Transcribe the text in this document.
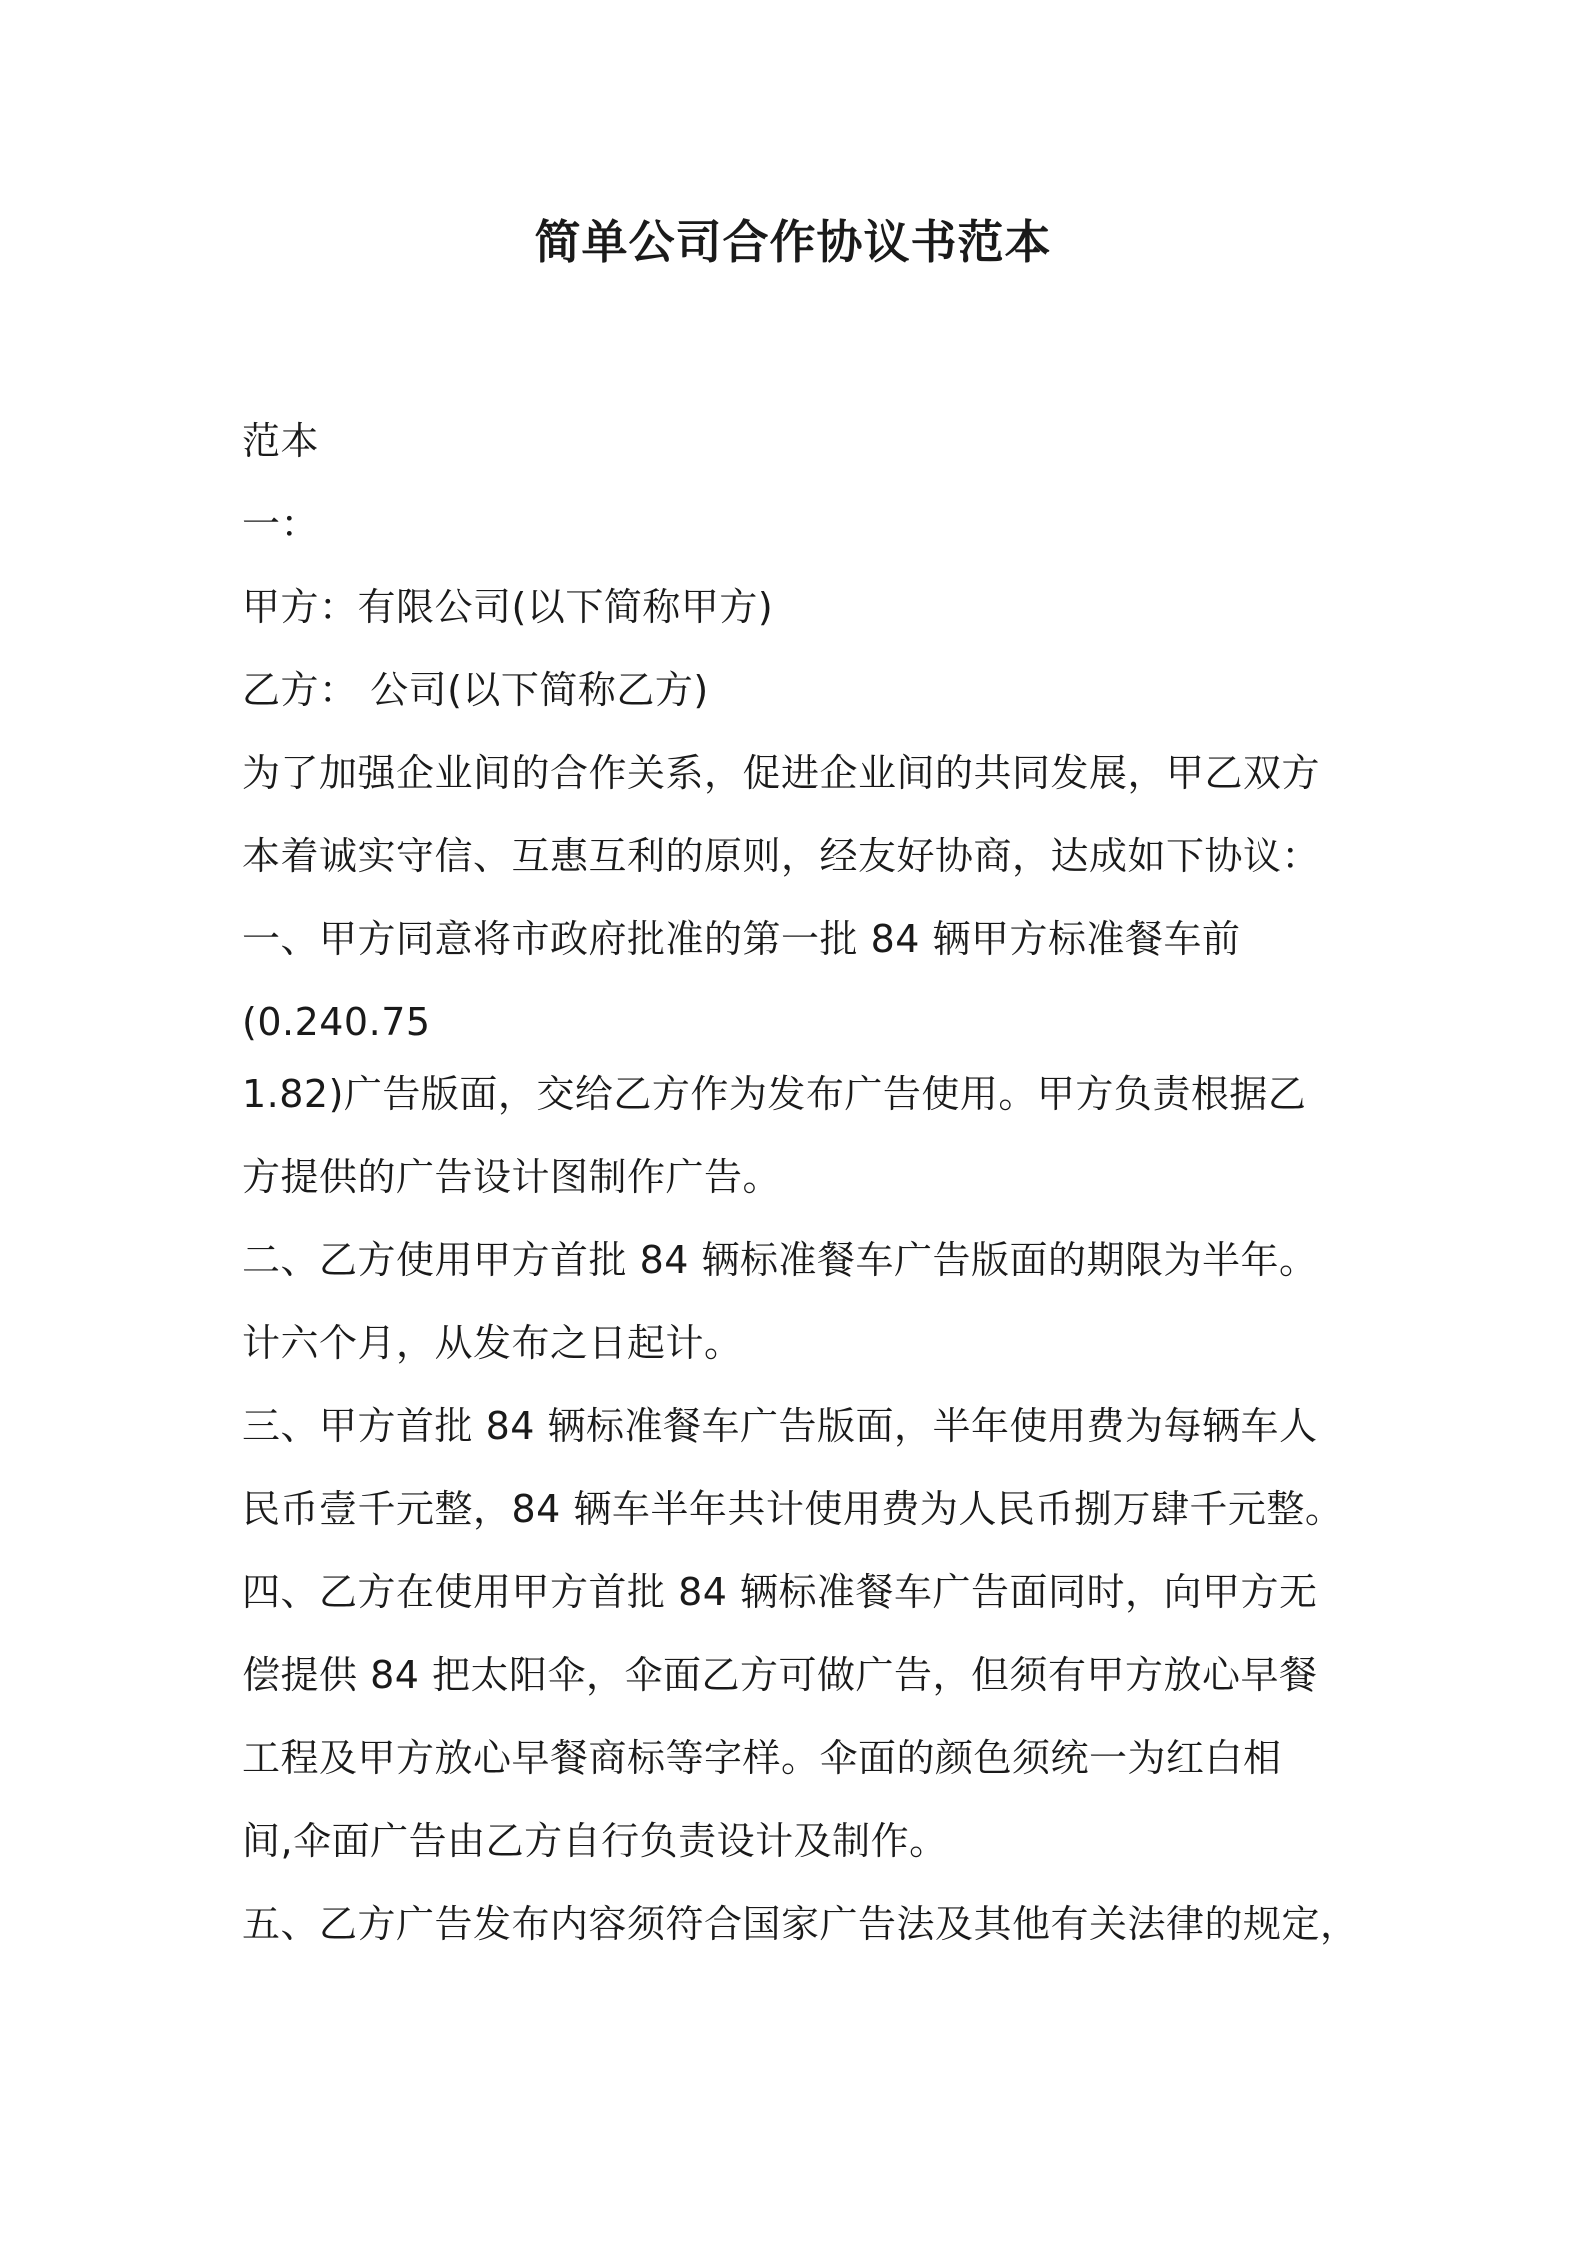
简单公司合作协议书范本
范本
一：
甲方：有限公司(以下简称甲方)
乙方： 公司(以下简称乙方)
为了加强企业间的合作关系，促进企业间的共同发展，甲乙双方
本着诚实守信、互惠互利的原则，经友好协商，达成如下协议：
一、甲方同意将市政府批准的第一批 84 辆甲方标准餐车前
(0.240.75
1.82)广告版面，交给乙方作为发布广告使用。甲方负责根据乙
方提供的广告设计图制作广告。
二、乙方使用甲方首批 84 辆标准餐车广告版面的期限为半年。
计六个月，从发布之日起计。
三、甲方首批 84 辆标准餐车广告版面，半年使用费为每辆车人
民币壹千元整，84 辆车半年共计使用费为人民币捌万肆千元整。
四、乙方在使用甲方首批 84 辆标准餐车广告面同时，向甲方无
偿提供 84 把太阳伞，伞面乙方可做广告，但须有甲方放心早餐
工程及甲方放心早餐商标等字样。伞面的颜色须统一为红白相
间,伞面广告由乙方自行负责设计及制作。
五、乙方广告发布内容须符合国家广告法及其他有关法律的规定，
